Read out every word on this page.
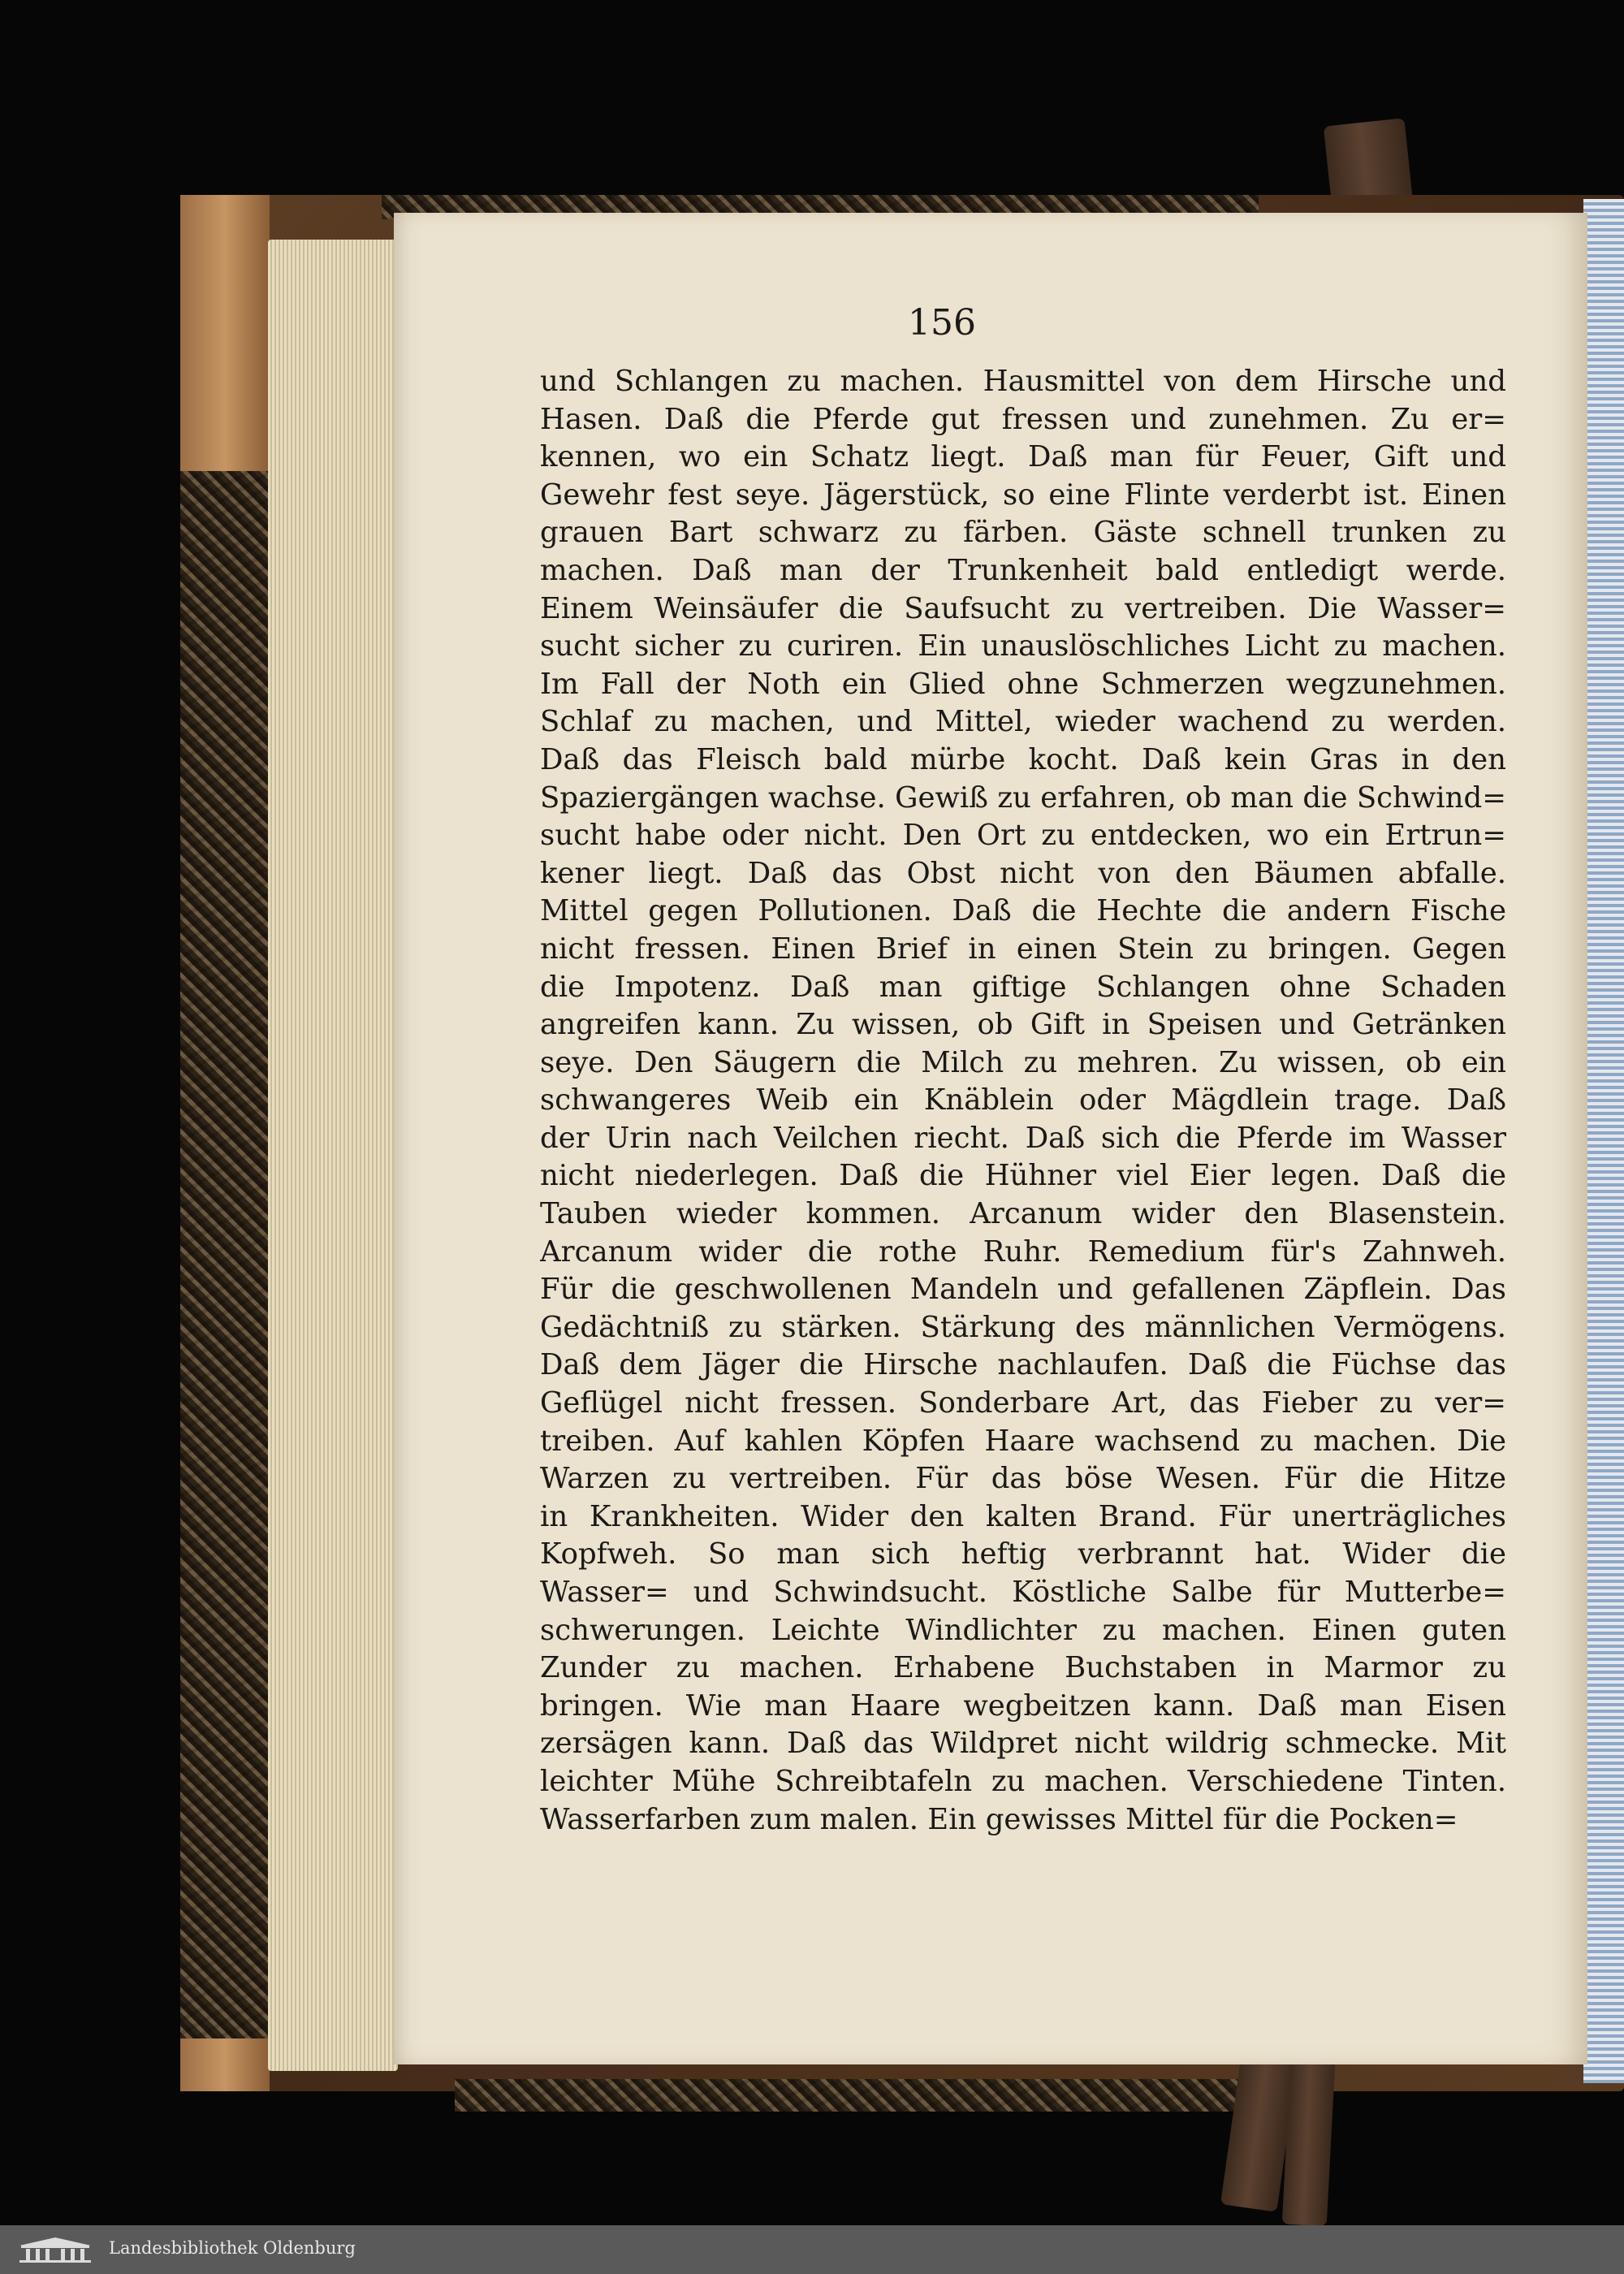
156
und Schlangen zu machen. Hausmittel von dem Hirsche und
Hasen. Daß die Pferde gut fressen und zunehmen. Zu er=
kennen, wo ein Schatz liegt. Daß man für Feuer, Gift und
Gewehr fest seye. Jägerstück, so eine Flinte verderbt ist. Einen
grauen Bart schwarz zu färben. Gäste schnell trunken zu
machen. Daß man der Trunkenheit bald entledigt werde.
Einem Weinsäufer die Saufsucht zu vertreiben. Die Wasser=
sucht sicher zu curiren. Ein unauslöschliches Licht zu machen.
Im Fall der Noth ein Glied ohne Schmerzen wegzunehmen.
Schlaf zu machen, und Mittel, wieder wachend zu werden.
Daß das Fleisch bald mürbe kocht. Daß kein Gras in den
Spaziergängen wachse. Gewiß zu erfahren, ob man die Schwind=
sucht habe oder nicht. Den Ort zu entdecken, wo ein Ertrun=
kener liegt. Daß das Obst nicht von den Bäumen abfalle.
Mittel gegen Pollutionen. Daß die Hechte die andern Fische
nicht fressen. Einen Brief in einen Stein zu bringen. Gegen
die Impotenz. Daß man giftige Schlangen ohne Schaden
angreifen kann. Zu wissen, ob Gift in Speisen und Getränken
seye. Den Säugern die Milch zu mehren. Zu wissen, ob ein
schwangeres Weib ein Knäblein oder Mägdlein trage. Daß
der Urin nach Veilchen riecht. Daß sich die Pferde im Wasser
nicht niederlegen. Daß die Hühner viel Eier legen. Daß die
Tauben wieder kommen. Arcanum wider den Blasenstein.
Arcanum wider die rothe Ruhr. Remedium für's Zahnweh.
Für die geschwollenen Mandeln und gefallenen Zäpflein. Das
Gedächtniß zu stärken. Stärkung des männlichen Vermögens.
Daß dem Jäger die Hirsche nachlaufen. Daß die Füchse das
Geflügel nicht fressen. Sonderbare Art, das Fieber zu ver=
treiben. Auf kahlen Köpfen Haare wachsend zu machen. Die
Warzen zu vertreiben. Für das böse Wesen. Für die Hitze
in Krankheiten. Wider den kalten Brand. Für unerträgliches
Kopfweh. So man sich heftig verbrannt hat. Wider die
Wasser= und Schwindsucht. Köstliche Salbe für Mutterbe=
schwerungen. Leichte Windlichter zu machen. Einen guten
Zunder zu machen. Erhabene Buchstaben in Marmor zu
bringen. Wie man Haare wegbeitzen kann. Daß man Eisen
zersägen kann. Daß das Wildpret nicht wildrig schmecke. Mit
leichter Mühe Schreibtafeln zu machen. Verschiedene Tinten.
Wasserfarben zum malen. Ein gewisses Mittel für die Pocken=
Landesbibliothek Oldenburg
